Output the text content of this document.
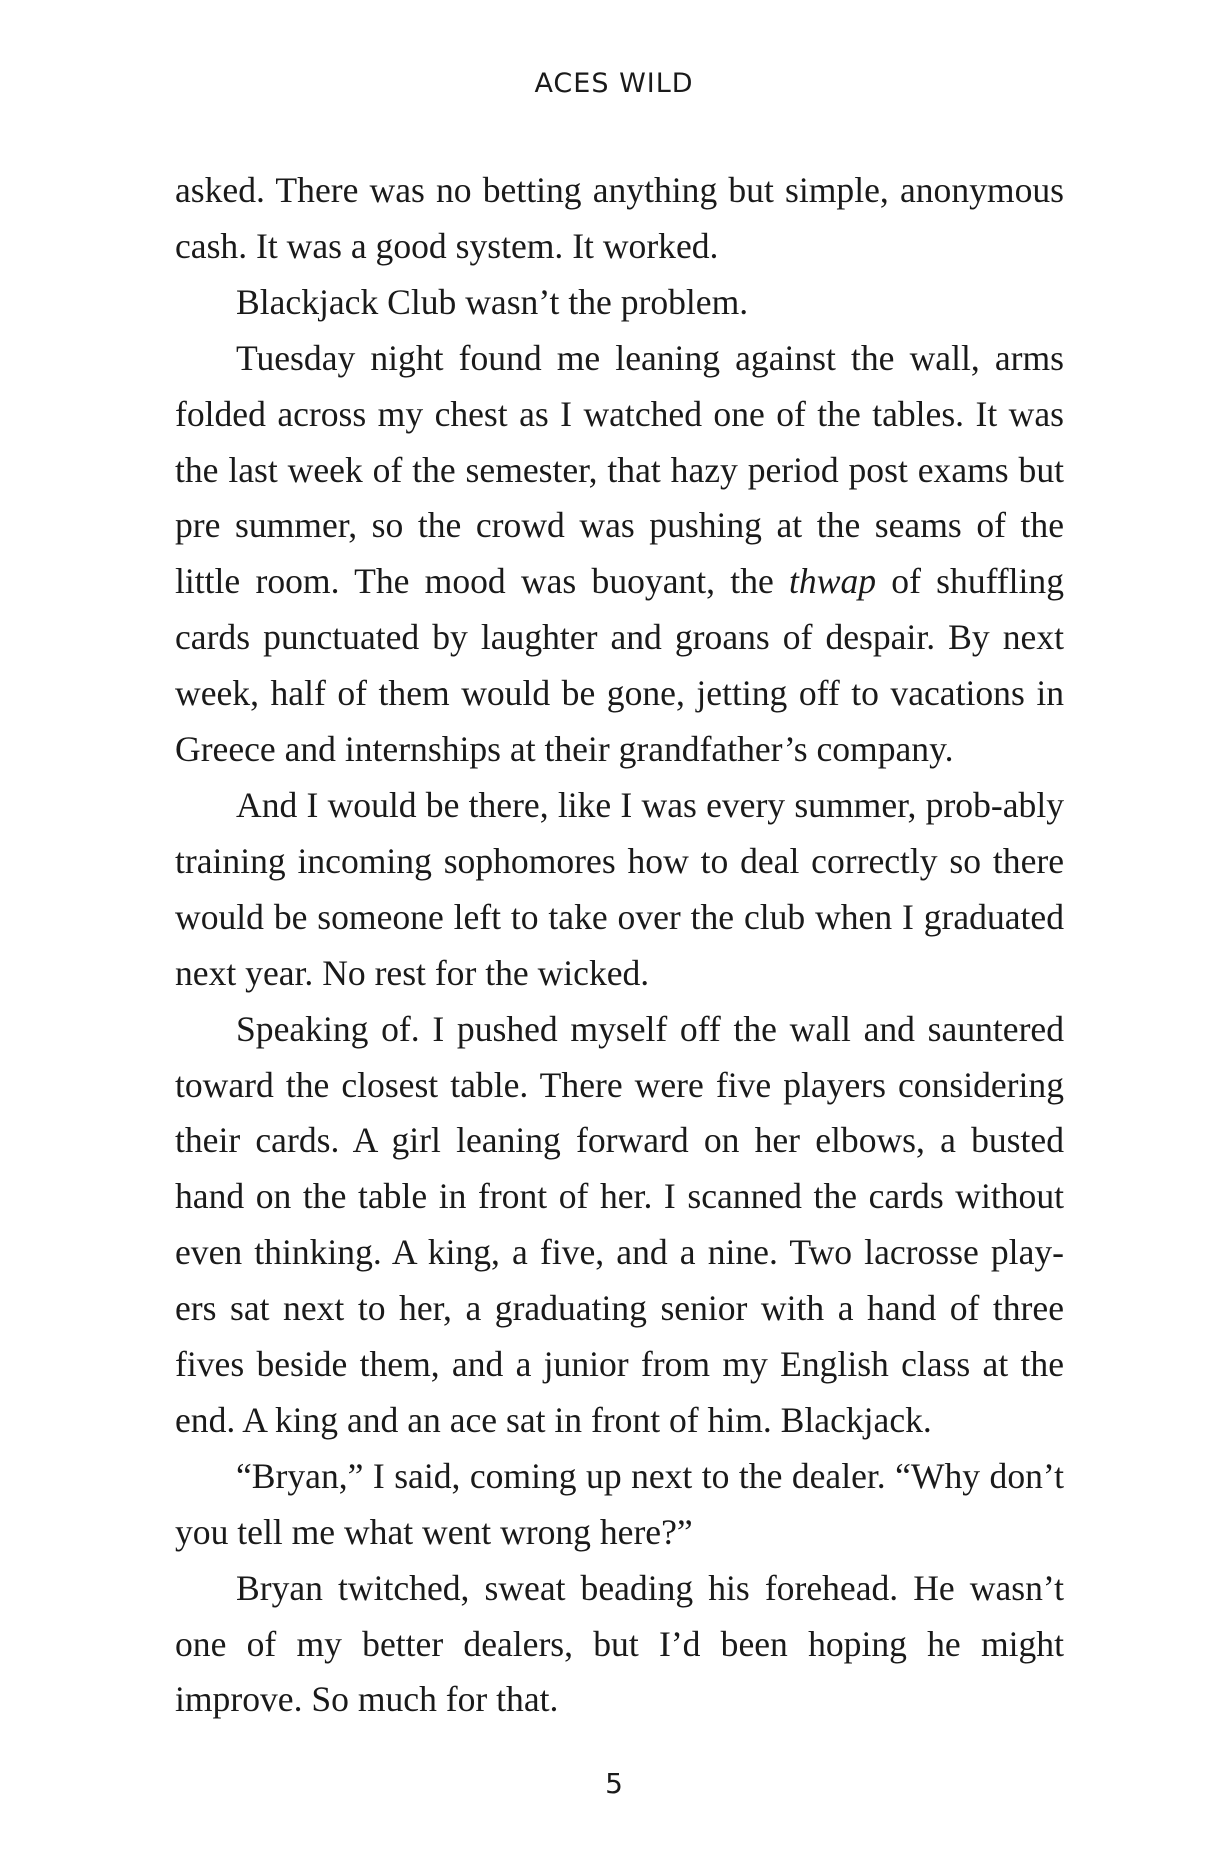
ACES WILD

asked. There was no betting anything but simple, anonymous cash. It was a good system. It worked.

Blackjack Club wasn’t the problem.

Tuesday night found me leaning against the wall, arms folded across my chest as I watched one of the tables. It was the last week of the semester, that hazy period post exams but pre summer, so the crowd was pushing at the seams of the little room. The mood was buoyant, the thwap of shuffling cards punctuated by laughter and groans of despair. By next week, half of them would be gone, jetting off to vacations in Greece and internships at their grandfather’s company.

And I would be there, like I was every summer, prob-ably training incoming sophomores how to deal correctly so there would be someone left to take over the club when I graduated next year. No rest for the wicked.

Speaking of. I pushed myself off the wall and sauntered toward the closest table. There were five players considering their cards. A girl leaning forward on her elbows, a busted hand on the table in front of her. I scanned the cards without even thinking. A king, a five, and a nine. Two lacrosse play-ers sat next to her, a graduating senior with a hand of three fives beside them, and a junior from my English class at the end. A king and an ace sat in front of him. Blackjack.

“Bryan,” I said, coming up next to the dealer. “Why don’t you tell me what went wrong here?”

Bryan twitched, sweat beading his forehead. He wasn’t one of my better dealers, but I’d been hoping he might improve. So much for that.

5
